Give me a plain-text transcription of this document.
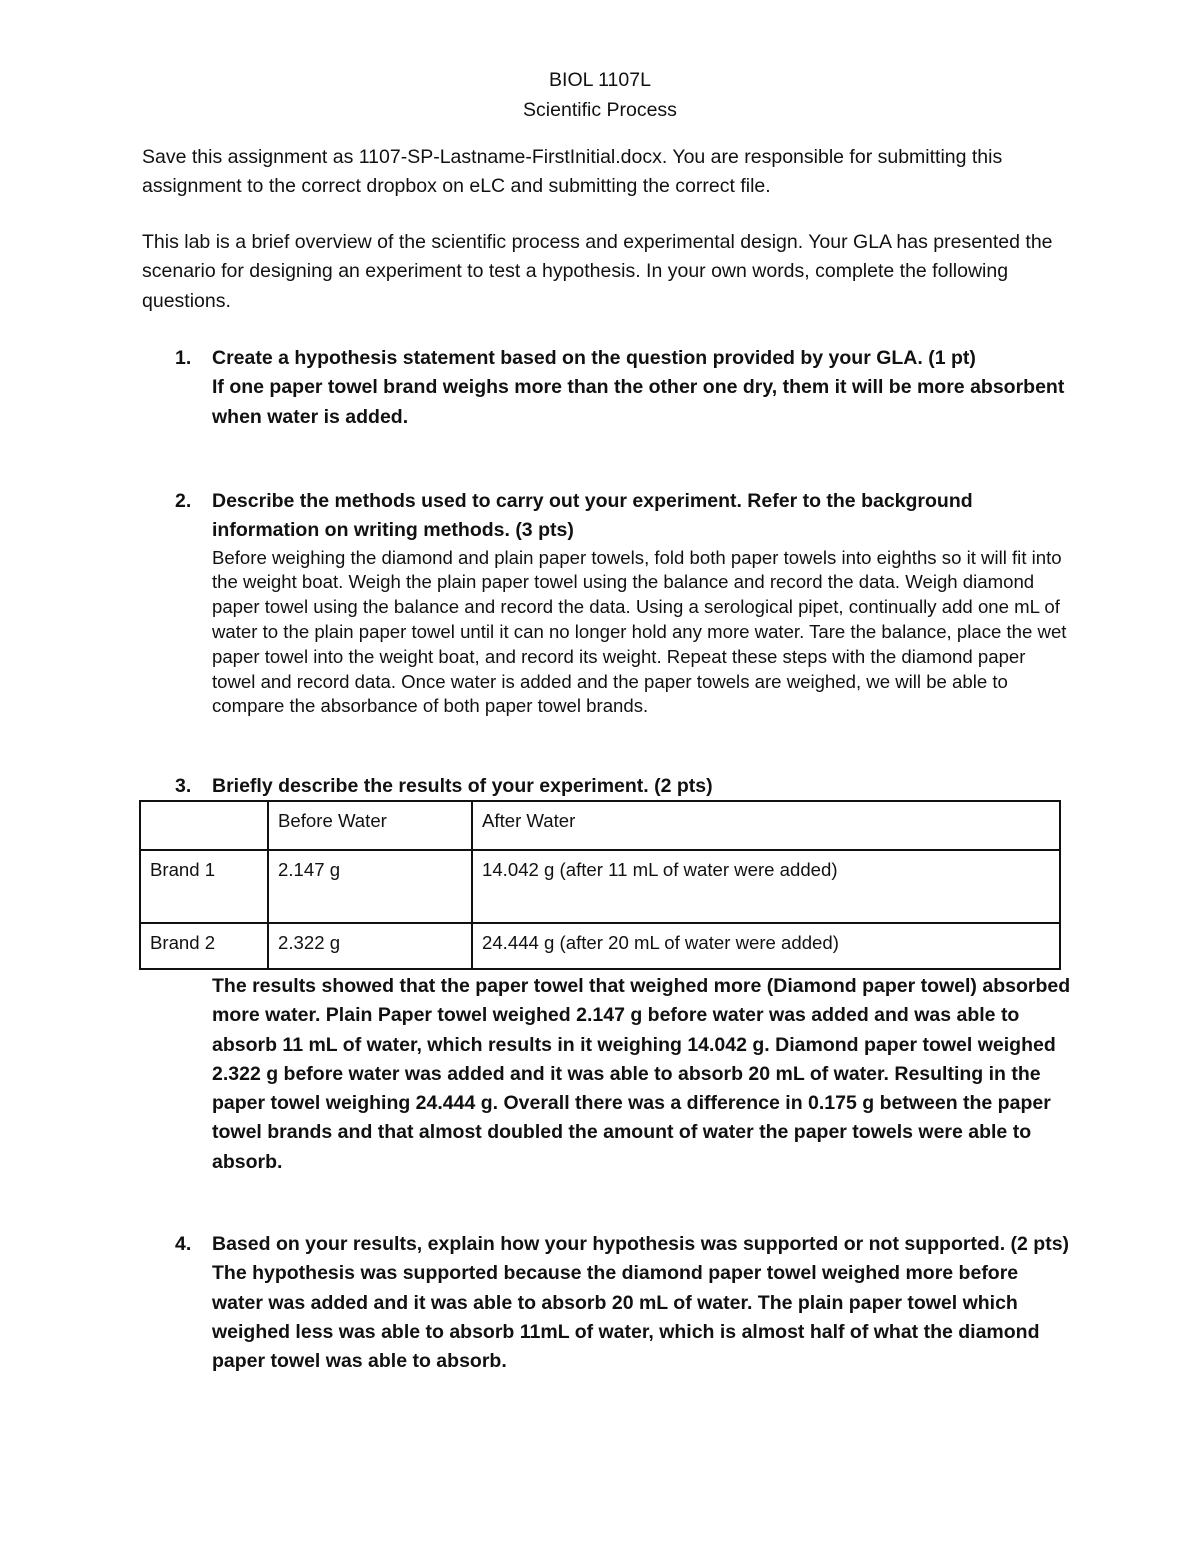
BIOL 1107L
Scientific Process
Save this assignment as 1107-SP-Lastname-FirstInitial.docx. You are responsible for submitting this assignment to the correct dropbox on eLC and submitting the correct file.
This lab is a brief overview of the scientific process and experimental design. Your GLA has presented the scenario for designing an experiment to test a hypothesis. In your own words, complete the following questions.
1.	Create a hypothesis statement based on the question provided by your GLA. (1 pt)
If one paper towel brand weighs more than the other one dry, them it will be more absorbent when water is added.
2.	Describe the methods used to carry out your experiment. Refer to the background information on writing methods. (3 pts)
Before weighing the diamond and plain paper towels, fold both paper towels into eighths so it will fit into the weight boat. Weigh the plain paper towel using the balance and record the data. Weigh diamond paper towel using the balance and record the data. Using a serological pipet, continually add one mL of water to the plain paper towel until it can no longer hold any more water. Tare the balance, place the wet paper towel into the weight boat, and record its weight. Repeat these steps with the diamond paper towel and record data. Once water is added and the paper towels are weighed, we will be able to compare the absorbance of both paper towel brands.
3.	Briefly describe the results of your experiment. (2 pts)
	Before Water	After Water
Brand 1	2.147 g	14.042 g (after 11 mL of water were added)
Brand 2	2.322 g	24.444 g (after 20 mL of water were added)
The results showed that the paper towel that weighed more (Diamond paper towel) absorbed more water. Plain Paper towel weighed 2.147 g before water was added and was able to absorb 11 mL of water, which results in it weighing 14.042 g. Diamond paper towel weighed 2.322 g before water was added and it was able to absorb 20 mL of water. Resulting in the paper towel weighing 24.444 g. Overall there was a difference in 0.175 g between the paper towel brands and that almost doubled the amount of water the paper towels were able to absorb.
4.	Based on your results, explain how your hypothesis was supported or not supported. (2 pts)
The hypothesis was supported because the diamond paper towel weighed more before water was added and it was able to absorb 20 mL of water. The plain paper towel which weighed less was able to absorb 11mL of water, which is almost half of what the diamond paper towel was able to absorb.
